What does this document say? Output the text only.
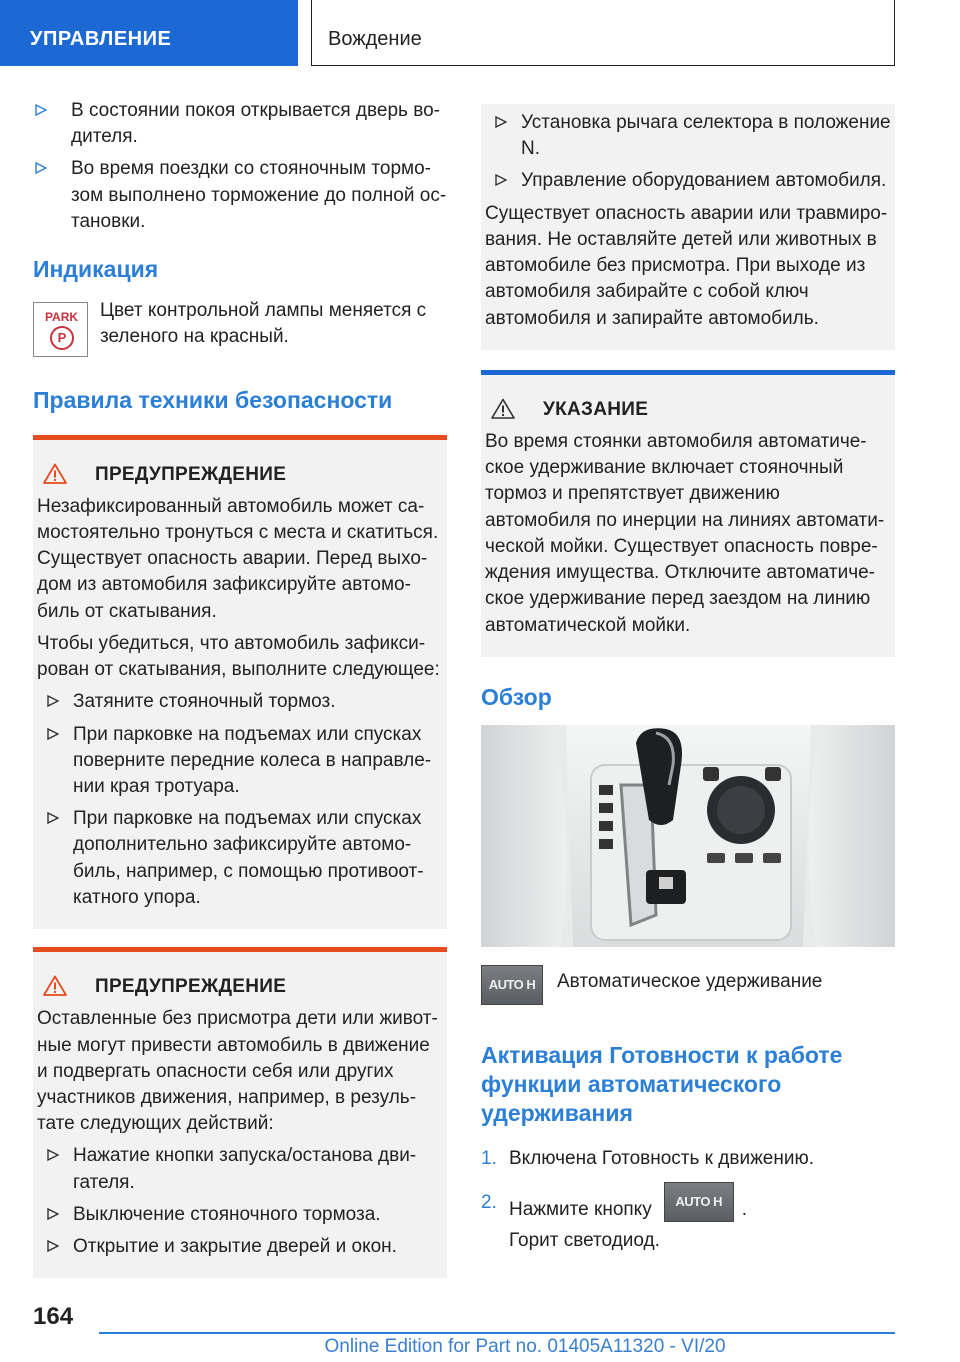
УПРАВЛЕНИЕ	Вождение
В состоянии покоя открывается дверь во-дителя.
Во время поездки со стояночным тормо-зом выполнено торможение до полной ос-тановки.
Индикация
PARK
P
Цвет контрольной лампы меняется с зеленого на красный.
Правила техники безопасности
ПРЕДУПРЕЖДЕНИЕ
Незафиксированный автомобиль может са-мостоятельно тронуться с места и скатиться. Существует опасность аварии. Перед выхо-дом из автомобиля зафиксируйте автомо-биль от скатывания.
Чтобы убедиться, что автомобиль зафикси-рован от скатывания, выполните следующее:
Затяните стояночный тормоз.
При парковке на подъемах или спусках поверните передние колеса в направле-нии края тротуара.
При парковке на подъемах или спусках дополнительно зафиксируйте автомо-биль, например, с помощью противоот-катного упора.
ПРЕДУПРЕЖДЕНИЕ
Оставленные без присмотра дети или живот-ные могут привести автомобиль в движение и подвергать опасности себя или других участников движения, например, в резуль-тате следующих действий:
Нажатие кнопки запуска/останова дви-гателя.
Выключение стояночного тормоза.
Открытие и закрытие дверей и окон.
Установка рычага селектора в положение N.
Управление оборудованием автомобиля.
Существует опасность аварии или травмиро-вания. Не оставляйте детей или животных в автомобиле без присмотра. При выходе из автомобиля забирайте с собой ключ автомобиля и запирайте автомобиль.
УКАЗАНИЕ
Во время стоянки автомобиля автоматиче-ское удерживание включает стояночный тормоз и препятствует движению автомобиля по инерции на линиях автомати-ческой мойки. Существует опасность повре-ждения имущества. Отключите автоматиче-ское удерживание перед заездом на линию автоматической мойки.
Обзор
AUTO H	Автоматическое удерживание
Активация Готовности к работе функции автоматического удерживания
1. Включена Готовность к движению.
2. Нажмите кнопку AUTO H .
Горит светодиод.
164
Online Edition for Part no. 01405A11320 - VI/20
